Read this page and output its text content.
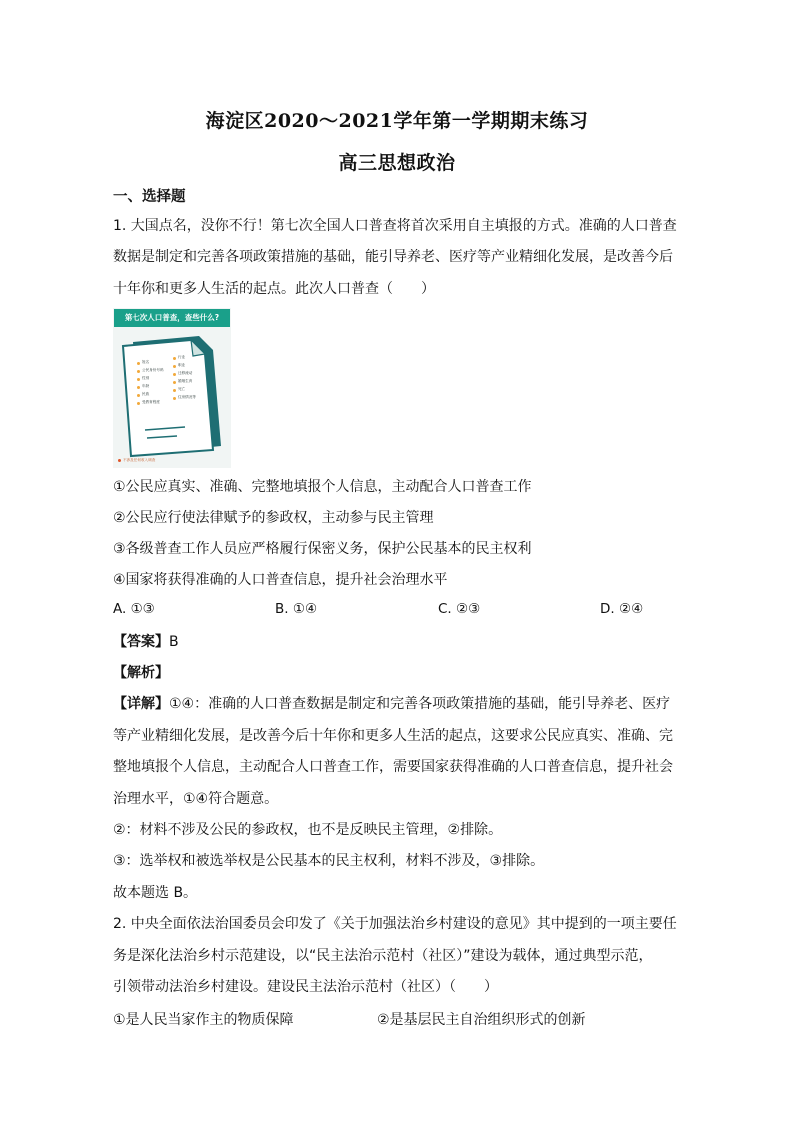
海淀区2020～2021学年第一学期期末练习
高三思想政治
一、选择题
1. 大国点名，没你不行！第七次全国人口普查将首次采用自主填报的方式。准确的人口普查
数据是制定和完善各项政策措施的基础，能引导养老、医疗等产业精细化发展，是改善今后
十年你和更多人生活的起点。此次人口普查（　　）
第七次人口普查，查些什么?
姓名
公民身份号码
性别
年龄
民族
受教育程度
行业
职业
迁移流动
婚姻生育
死亡
住房情况等
不涉及任何收入调查
①公民应真实、准确、完整地填报个人信息，主动配合人口普查工作
②公民应行使法律赋予的参政权，主动参与民主管理
③各级普查工作人员应严格履行保密义务，保护公民基本的民主权利
④国家将获得准确的人口普查信息，提升社会治理水平
A. ①③	B. ①④	C. ②③	D. ②④
【答案】B
【解析】
【详解】①④：准确的人口普查数据是制定和完善各项政策措施的基础，能引导养老、医疗
等产业精细化发展，是改善今后十年你和更多人生活的起点，这要求公民应真实、准确、完
整地填报个人信息，主动配合人口普查工作，需要国家获得准确的人口普查信息，提升社会
治理水平，①④符合题意。
②：材料不涉及公民的参政权，也不是反映民主管理，②排除。
③：选举权和被选举权是公民基本的民主权利，材料不涉及，③排除。
故本题选 B。
2. 中央全面依法治国委员会印发了《关于加强法治乡村建设的意见》其中提到的一项主要任
务是深化法治乡村示范建设，以“民主法治示范村（社区）”建设为载体，通过典型示范，
引领带动法治乡村建设。建设民主法治示范村（社区）（　　）
①是人民当家作主的物质保障	②是基层民主自治组织形式的创新
